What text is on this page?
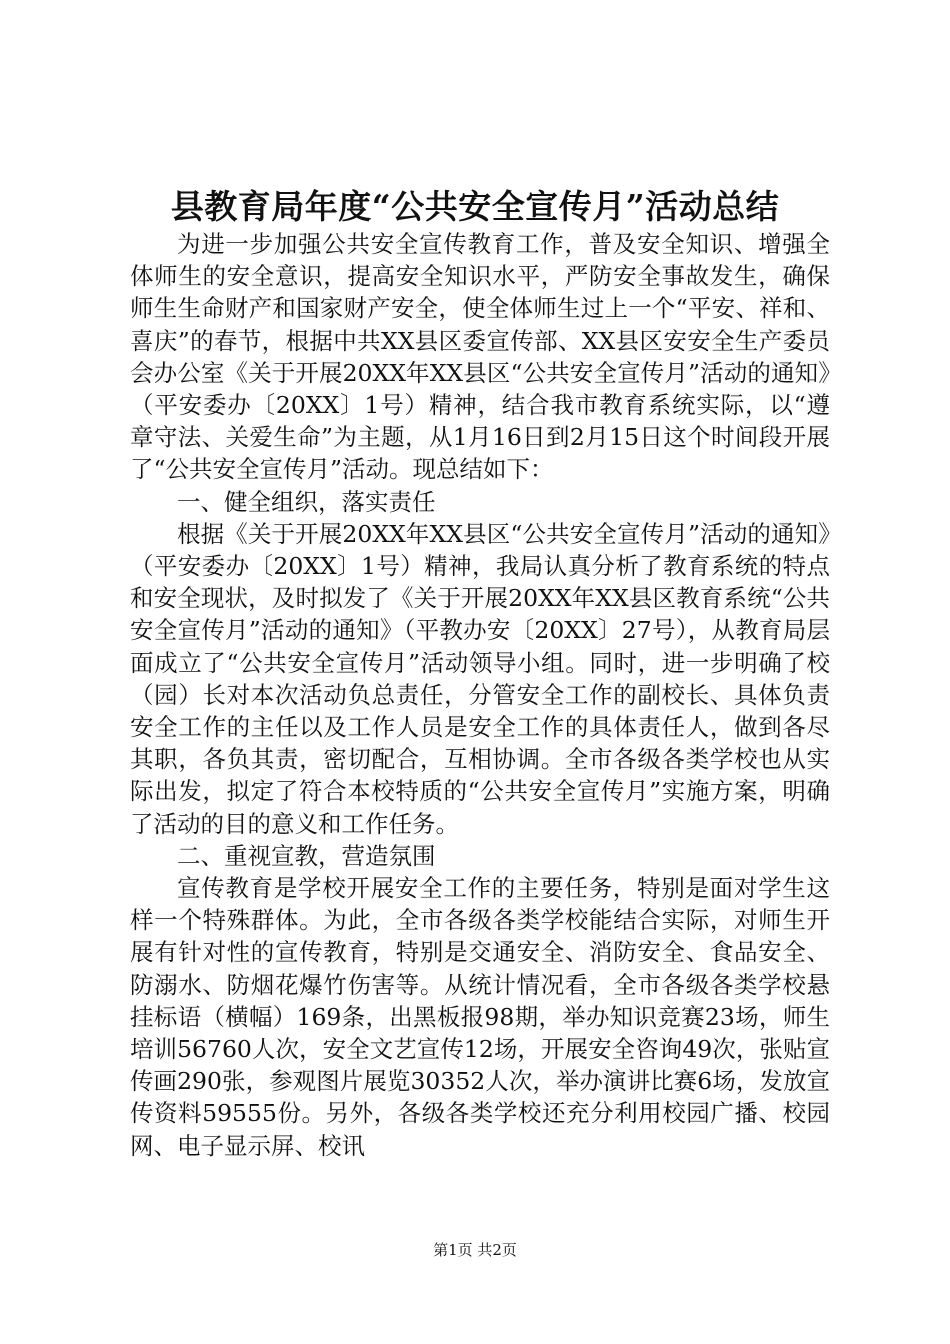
县教育局年度“公共安全宣传月”活动总结

为进一步加强公共安全宣传教育工作，普及安全知识、增强全体师生的安全意识，提高安全知识水平，严防安全事故发生，确保师生生命财产和国家财产安全，使全体师生过上一个“平安、祥和、喜庆”的春节，根据中共XX县区委宣传部、XX县区安安全生产委员会办公室《关于开展20XX年XX县区“公共安全宣传月”活动的通知》（平安委办〔20XX〕1号）精神，结合我市教育系统实际，以“遵章守法、关爱生命”为主题，从1月16日到2月15日这个时间段开展了“公共安全宣传月”活动。现总结如下：

一、健全组织，落实责任

根据《关于开展20XX年XX县区“公共安全宣传月”活动的通知》（平安委办〔20XX〕1号）精神，我局认真分析了教育系统的特点和安全现状，及时拟发了《关于开展20XX年XX县区教育系统“公共安全宣传月”活动的通知》（平教办安〔20XX〕27号），从教育局层面成立了“公共安全宣传月”活动领导小组。同时，进一步明确了校（园）长对本次活动负总责任，分管安全工作的副校长、具体负责安全工作的主任以及工作人员是安全工作的具体责任人，做到各尽其职，各负其责，密切配合，互相协调。全市各级各类学校也从实际出发，拟定了符合本校特质的“公共安全宣传月”实施方案，明确了活动的目的意义和工作任务。

二、重视宣教，营造氛围

宣传教育是学校开展安全工作的主要任务，特别是面对学生这样一个特殊群体。为此，全市各级各类学校能结合实际，对师生开展有针对性的宣传教育，特别是交通安全、消防安全、食品安全、防溺水、防烟花爆竹伤害等。从统计情况看，全市各级各类学校悬挂标语（横幅）169条，出黑板报98期，举办知识竞赛23场，师生培训56760人次，安全文艺宣传12场，开展安全咨询49次，张贴宣传画290张，参观图片展览30352人次，举办演讲比赛6场，发放宣传资料59555份。另外，各级各类学校还充分利用校园广播、校园网、电子显示屏、校讯

第1页 共2页
